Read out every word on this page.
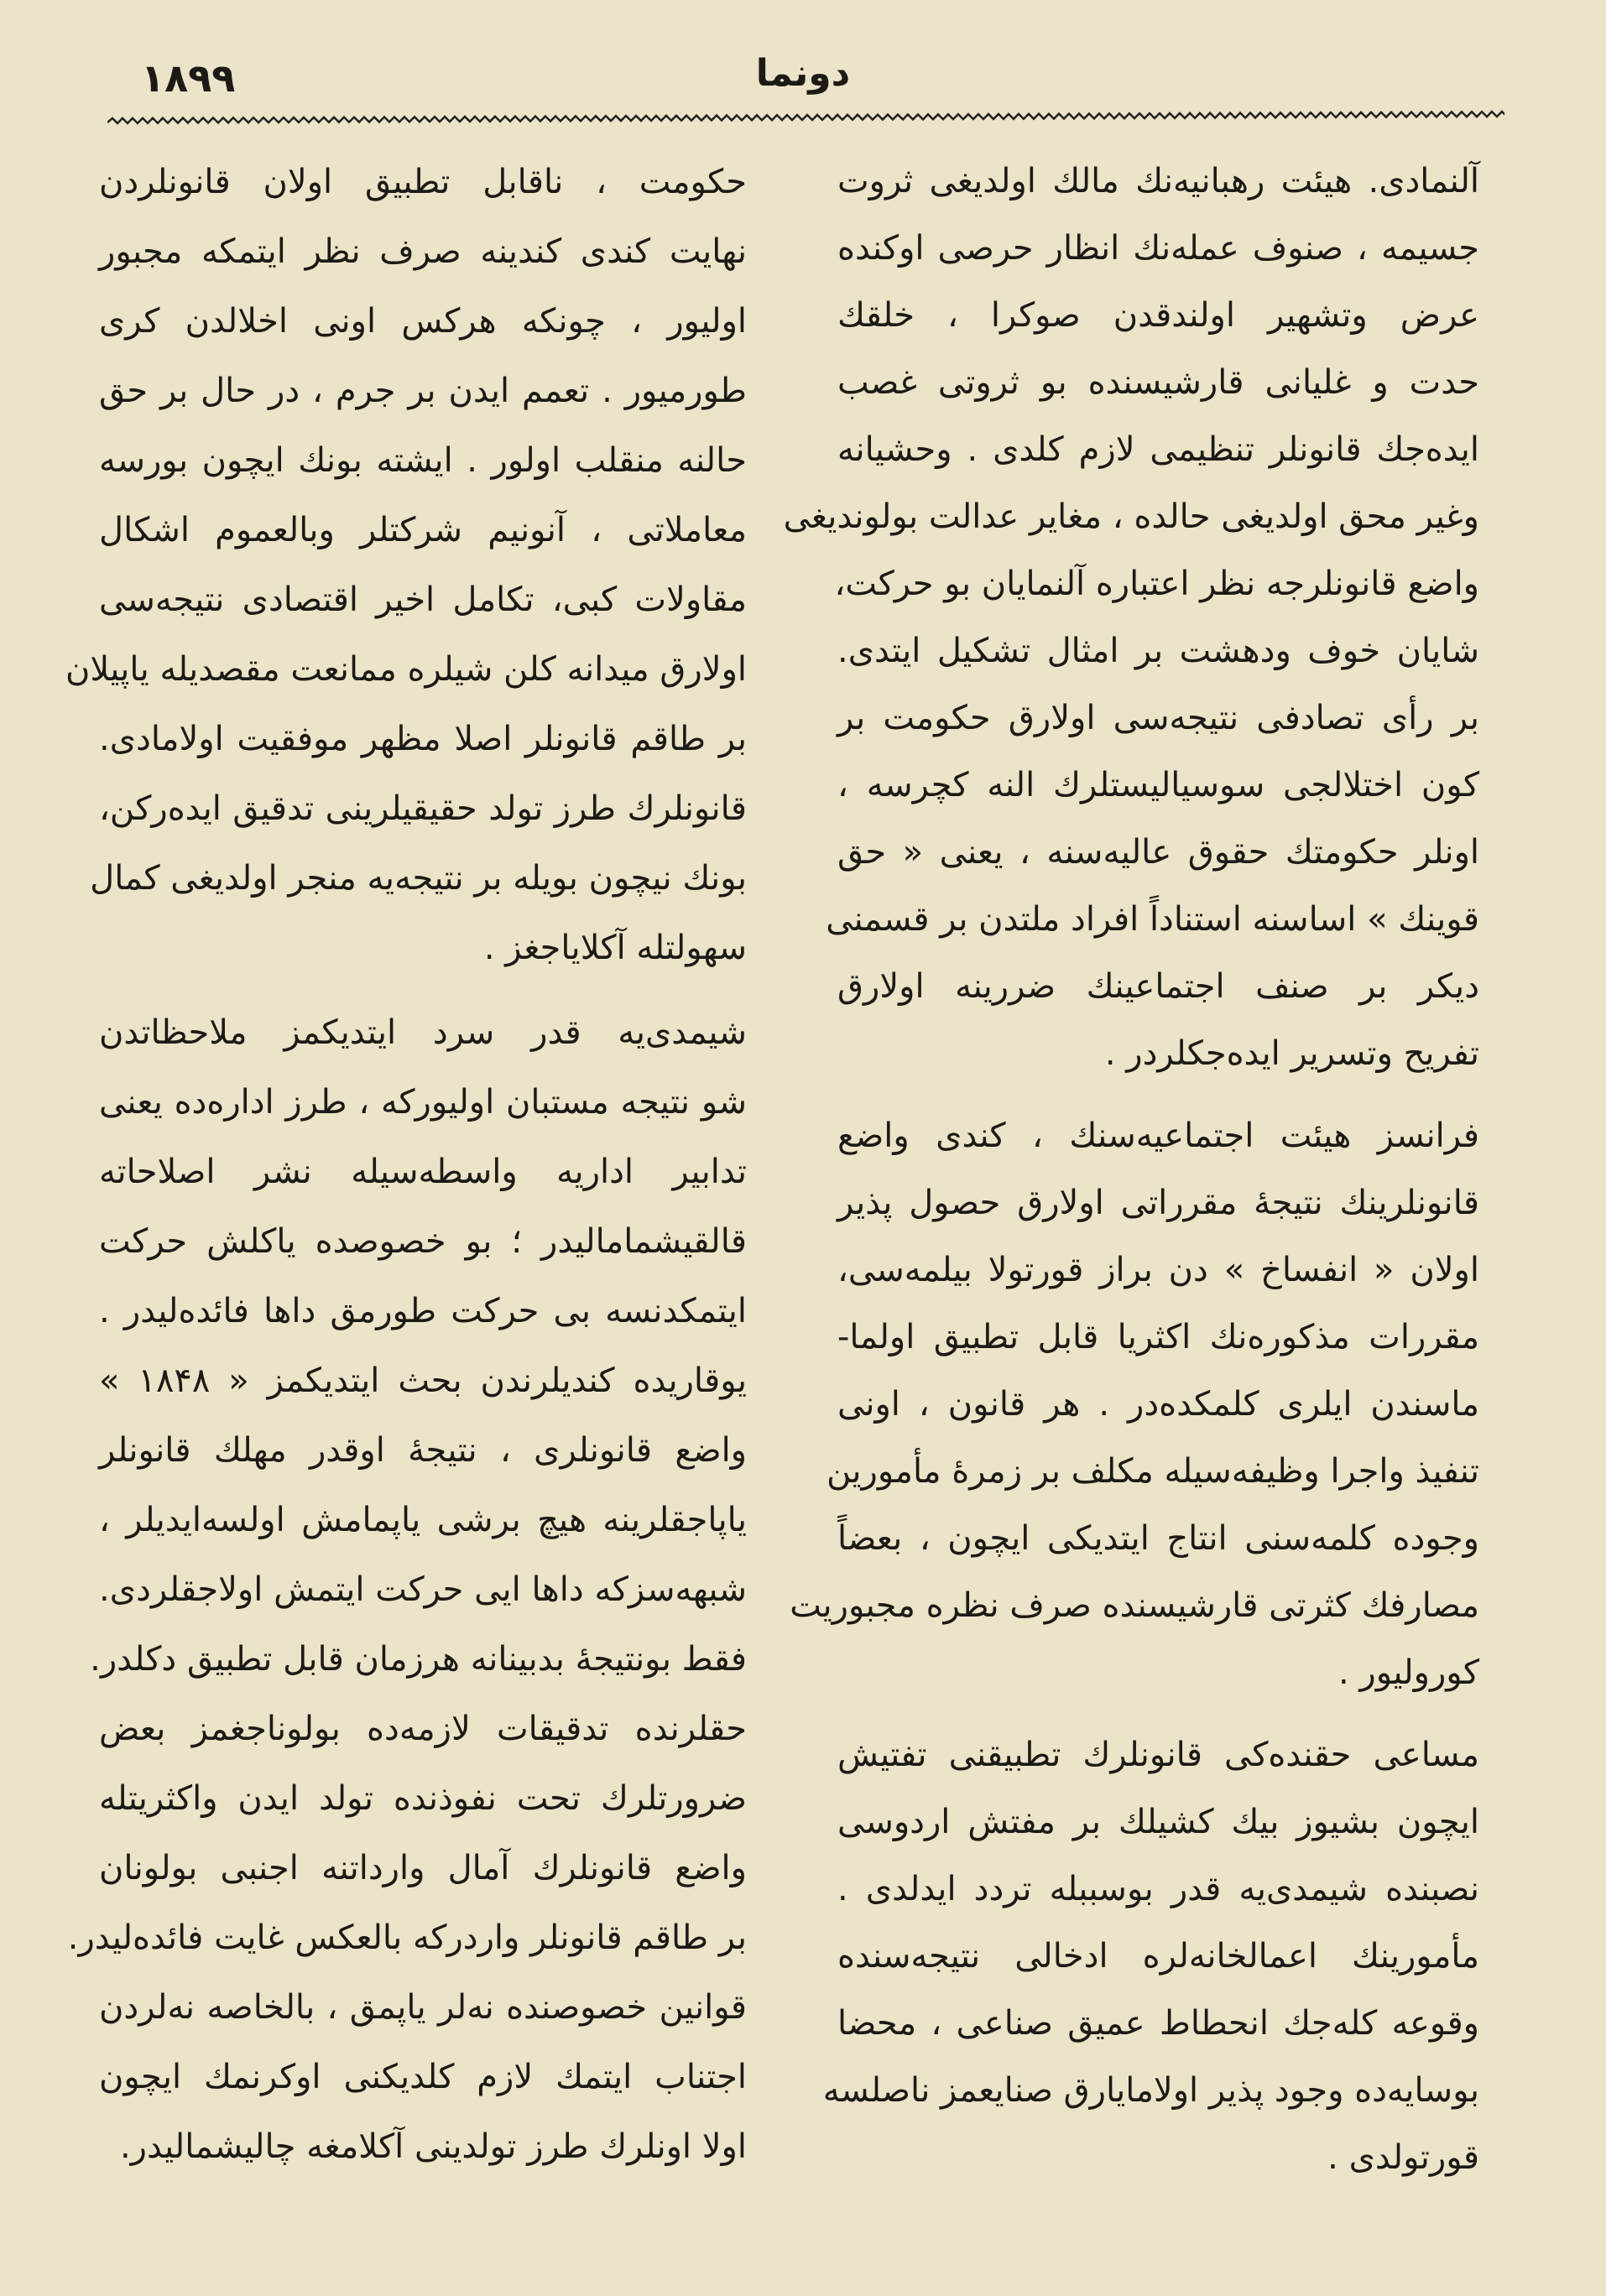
١٨٩٩	دونما
آلنمادی. هیئت رهبانیه‌نك مالك اولدیغی ثروت
جسیمه ، صنوف عمله‌نك انظار حرصی اوکنده
عرض وتشهیر اولندقدن صوکرا ، خلقك
حدت و غلیانی قارشیسنده بو ثروتی غصب
ایده‌جك قانونلر تنظیمی لازم کلدی . وحشیانه
وغیر محق اولدیغی حالده ، مغایر عدالت بولوندیغی
واضع قانونلرجه نظر اعتباره آلنمایان بو حرکت،
شایان خوف ودهشت بر امثال تشکیل ایتدی.
بر رأی تصادفی نتیجه‌سی اولارق حکومت بر
کون اختلالجی سوسیالیستلرك النه کچرسه ،
اونلر حکومتك حقوق عالیه‌سنه ، یعنی « حق
قوینك » اساسنه استناداً افراد ملتدن بر قسمنی
دیکر بر صنف اجتماعینك ضررینه اولارق
تفریح وتسریر ایده‌جکلردر .
فرانسز هیئت اجتماعیه‌سنك ، کندی واضع
قانونلرینك نتیجهٔ مقرراتی اولارق حصول پذیر
اولان « انفساخ » دن براز قورتولا بیلمه‌سی،
مقررات مذکوره‌نك اکثریا قابل تطبیق اولما-
ماسندن ایلری کلمکده‌در . هر قانون ، اونی
تنفیذ واجرا وظیفه‌سیله مکلف بر زمرهٔ مأمورین
وجوده کلمه‌سنی انتاج ایتدیکی ایچون ، بعضاً
مصارفك کثرتی قارشیسنده صرف نظره مجبوریت
کوروليور .
مساعی حقنده‌کی قانونلرك تطبیقنی تفتیش
ایچون بشیوز بیك کشیلك بر مفتش اردوسی
نصبنده شیمدی‌یه قدر بوسببله تردد ایدلدی .
مأمورینك اعمالخانه‌لره ادخالی نتیجه‌سنده
وقوعه کله‌جك انحطاط عمیق صناعی ، محضا
بوسایه‌ده وجود پذیر اولامایارق صنایعمز ناصلسه
قورتولدی .
حکومت ، ناقابل تطبیق اولان قانونلردن
نهایت کندی کندینه صرف نظر ایتمکه مجبور
اولیور ، چونکه هرکس اونی اخلالدن کری
طورمیور . تعمم ایدن بر جرم ، در حال بر حق
حالنه منقلب اولور . ایشته بونك ایچون بورسه
معاملاتی ، آنونیم شرکتلر وبالعموم اشکال
مقاولات کبی، تکامل اخیر اقتصادی نتیجه‌سی
اولارق میدانه کلن شیلره ممانعت مقصدیله یاپیلان
بر طاقم قانونلر اصلا مظهر موفقیت اولامادی.
قانونلرك طرز تولد حقیقیلرینی تدقیق ایده‌رکن،
بونك نیچون بویله بر نتیجه‌یه منجر اولدیغی کمال
سهولتله آکلایاجغز .
شیمدی‌یه قدر سرد ایتدیکمز ملاحظاتدن
شو نتیجه مستبان اولیورکه ، طرز اداره‌ده یعنی
تدابیر اداریه واسطه‌سیله نشر اصلاحاته
قالقیشمامالیدر ؛ بو خصوصده یاکلش حرکت
ایتمکدنسه بی حرکت طورمق داها فائده‌لیدر .
یوقاریده کندیلرندن بحث ایتدیکمز « ۱۸۴۸ »
واضع قانونلری ، نتیجهٔ اوقدر مهلك قانونلر
یاپاجقلرینه هیچ برشی یاپمامش اولسه‌ایدیلر ،
شبهه‌سزکه داها ایی حرکت ایتمش اولاجقلردی.
فقط بونتیجهٔ بدبینانه هرزمان قابل تطبیق دکلدر.
حقلرنده تدقیقات لازمه‌ده بولوناجغمز بعض
ضرورتلرك تحت نفوذنده تولد ایدن واکثریتله
واضع قانونلرك آمال وارداتنه اجنبی بولونان
بر طاقم قانونلر واردرکه بالعکس غایت فائده‌لیدر.
قوانین خصوصنده نه‌لر یاپمق ، بالخاصه نه‌لردن
اجتناب ایتمك لازم کلدیکنی اوکرنمك ایچون
اولا اونلرك طرز تولدینی آکلامغه چالیشمالیدر.
